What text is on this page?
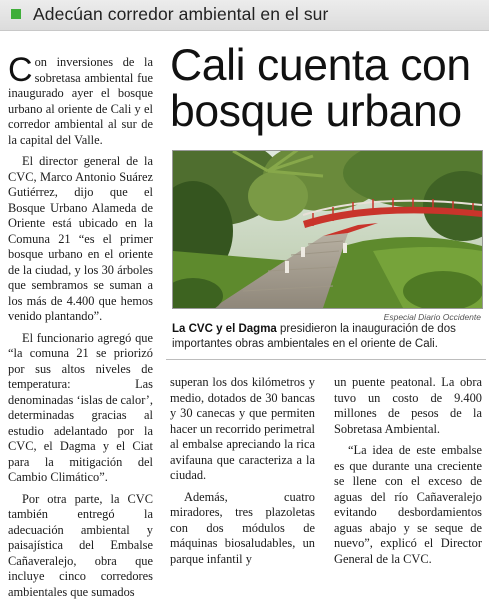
Adecúan corredor ambiental en el sur

Con inversiones de la sobretasa ambiental fue inaugurado ayer el bosque urbano al oriente de Cali y el corredor ambiental al sur de la capital del Valle.

El director general de la CVC, Marco Antonio Suárez Gutiérrez, dijo que el Bosque Urbano Alameda de Oriente está ubicado en la Comuna 21 “es el primer bosque urbano en el oriente de la ciudad, y los 30 árboles que sembramos se suman a los más de 4.400 que hemos venido plantando”.

El funcionario agregó que “la comuna 21 se priorizó por sus altos niveles de temperatura: Las denominadas ‘islas de calor’, determinadas gracias al estudio adelantado por la CVC, el Dagma y el Ciat para la mitigación del Cambio Climático”.

Por otra parte, la CVC también entregó la adecuación ambiental y paisajística del Embalse Cañaveralejo, obra que incluye cinco corredores ambientales que sumados

Cali cuenta con
bosque urbano
Especial Diario Occidente
La CVC y el Dagma presidieron la inauguración de dos importantes obras ambientales en el oriente de Cali.

superan los dos kilómetros y medio, dotados de 30 bancas y 30 canecas y que permiten hacer un recorrido perimetral al embalse apreciando la rica avifauna que caracteriza a la ciudad.

Además, cuatro miradores, tres plazoletas con dos módulos de máquinas biosaludables, un parque infantil y

un puente peatonal. La obra tuvo un costo de 9.400 millones de pesos de la Sobretasa Ambiental.

“La idea de este embalse es que durante una creciente se llene con el exceso de aguas del río Cañaveralejo evitando desbordamientos aguas abajo y se seque de nuevo”, explicó el Director General de la CVC.
